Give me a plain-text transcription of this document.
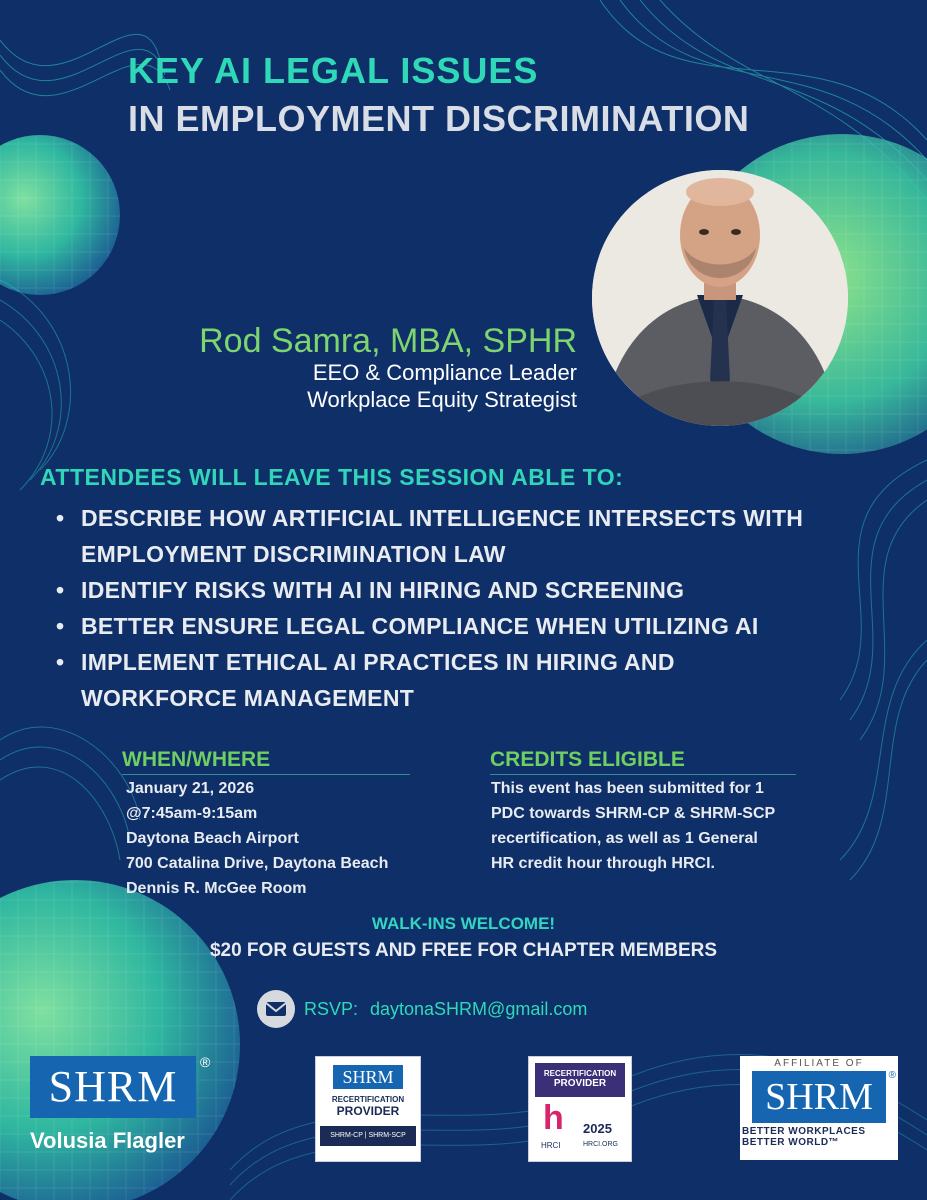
KEY AI LEGAL ISSUES
IN EMPLOYMENT DISCRIMINATION
Rod Samra, MBA, SPHR
EEO & Compliance Leader
Workplace Equity Strategist
ATTENDEES WILL LEAVE THIS SESSION ABLE TO:
• DESCRIBE HOW ARTIFICIAL INTELLIGENCE INTERSECTS WITH
EMPLOYMENT DISCRIMINATION LAW
• IDENTIFY RISKS WITH AI IN HIRING AND SCREENING
• BETTER ENSURE LEGAL COMPLIANCE WHEN UTILIZING AI
• IMPLEMENT ETHICAL AI PRACTICES IN HIRING AND
WORKFORCE MANAGEMENT
WHEN/WHERE
January 21, 2026
@7:45am-9:15am
Daytona Beach Airport
700 Catalina Drive, Daytona Beach
Dennis R. McGee Room
CREDITS ELIGIBLE
This event has been submitted for 1
PDC towards SHRM-CP & SHRM-SCP
recertification, as well as 1 General
HR credit hour through HRCI.
WALK-INS WELCOME!
$20 FOR GUESTS AND FREE FOR CHAPTER MEMBERS
RSVP: daytonaSHRM@gmail.com
SHRM	®
Volusia Flagler
SHRM
RECERTIFICATION
PROVIDER
SHRM-CP | SHRM-SCP
RECERTIFICATION
PROVIDER
h
HRCI
2025
HRCI.ORG
AFFILIATE OF
SHRM
®
BETTER WORKPLACES
BETTER WORLD™
